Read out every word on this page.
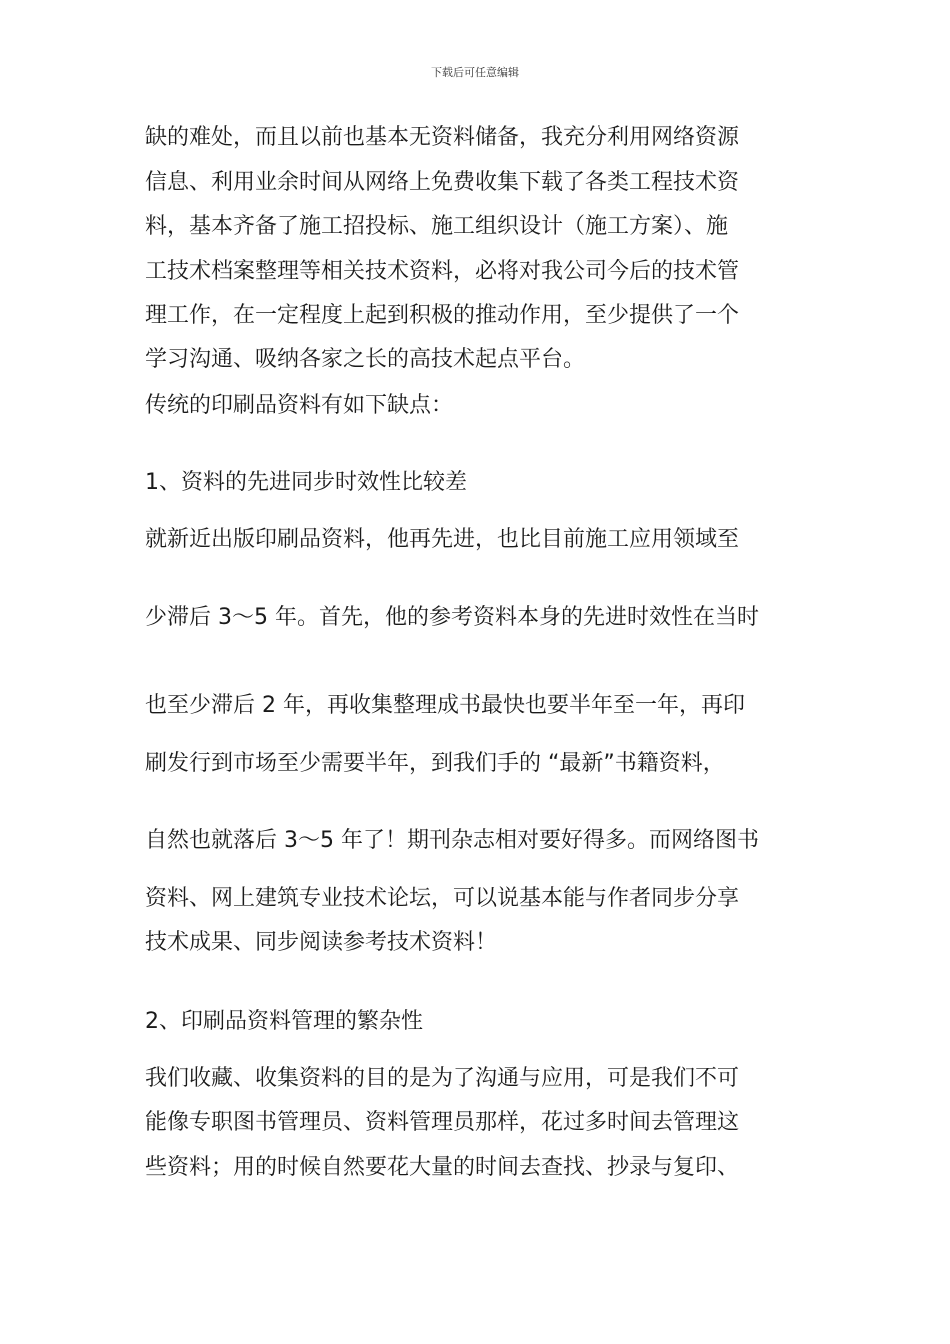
下载后可任意编辑
缺的难处，而且以前也基本无资料储备，我充分利用网络资源
信息、利用业余时间从网络上免费收集下载了各类工程技术资
料，基本齐备了施工招投标、施工组织设计（施工方案）、施
工技术档案整理等相关技术资料，必将对我公司今后的技术管
理工作，在一定程度上起到积极的推动作用，至少提供了一个
学习沟通、吸纳各家之长的高技术起点平台。
传统的印刷品资料有如下缺点：
1、资料的先进同步时效性比较差
就新近出版印刷品资料，他再先进，也比目前施工应用领域至
少滞后 3～5 年。首先，他的参考资料本身的先进时效性在当时
也至少滞后 2 年，再收集整理成书最快也要半年至一年，再印
刷发行到市场至少需要半年，到我们手的 “最新”书籍资料，
自然也就落后 3～5 年了！期刊杂志相对要好得多。而网络图书
资料、网上建筑专业技术论坛，可以说基本能与作者同步分享
技术成果、同步阅读参考技术资料！
2、印刷品资料管理的繁杂性
我们收藏、收集资料的目的是为了沟通与应用，可是我们不可
能像专职图书管理员、资料管理员那样，花过多时间去管理这
些资料；用的时候自然要花大量的时间去查找、抄录与复印、
